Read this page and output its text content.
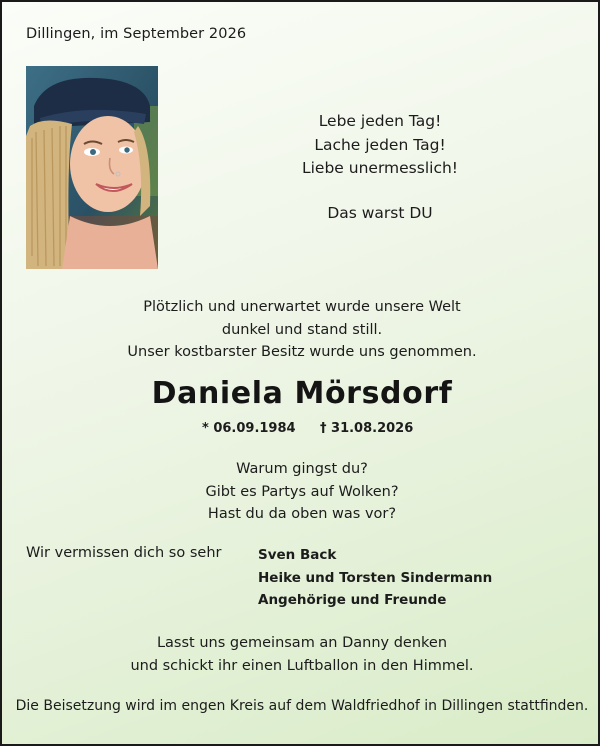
Dillingen, im September 2026
Lebe jeden Tag!
Lache jeden Tag!
Liebe unermesslich!
Das warst DU
Plötzlich und unerwartet wurde unsere Welt
dunkel und stand still.
Unser kostbarster Besitz wurde uns genommen.
Daniela Mörsdorf
* 06.09.1984 † 31.08.2026
Warum gingst du?
Gibt es Partys auf Wolken?
Hast du da oben was vor?
Wir vermissen dich so sehr	Sven Back
Heike und Torsten Sindermann
Angehörige und Freunde
Lasst uns gemeinsam an Danny denken
und schickt ihr einen Luftballon in den Himmel.
Die Beisetzung wird im engen Kreis auf dem Waldfriedhof in Dillingen stattfinden.
